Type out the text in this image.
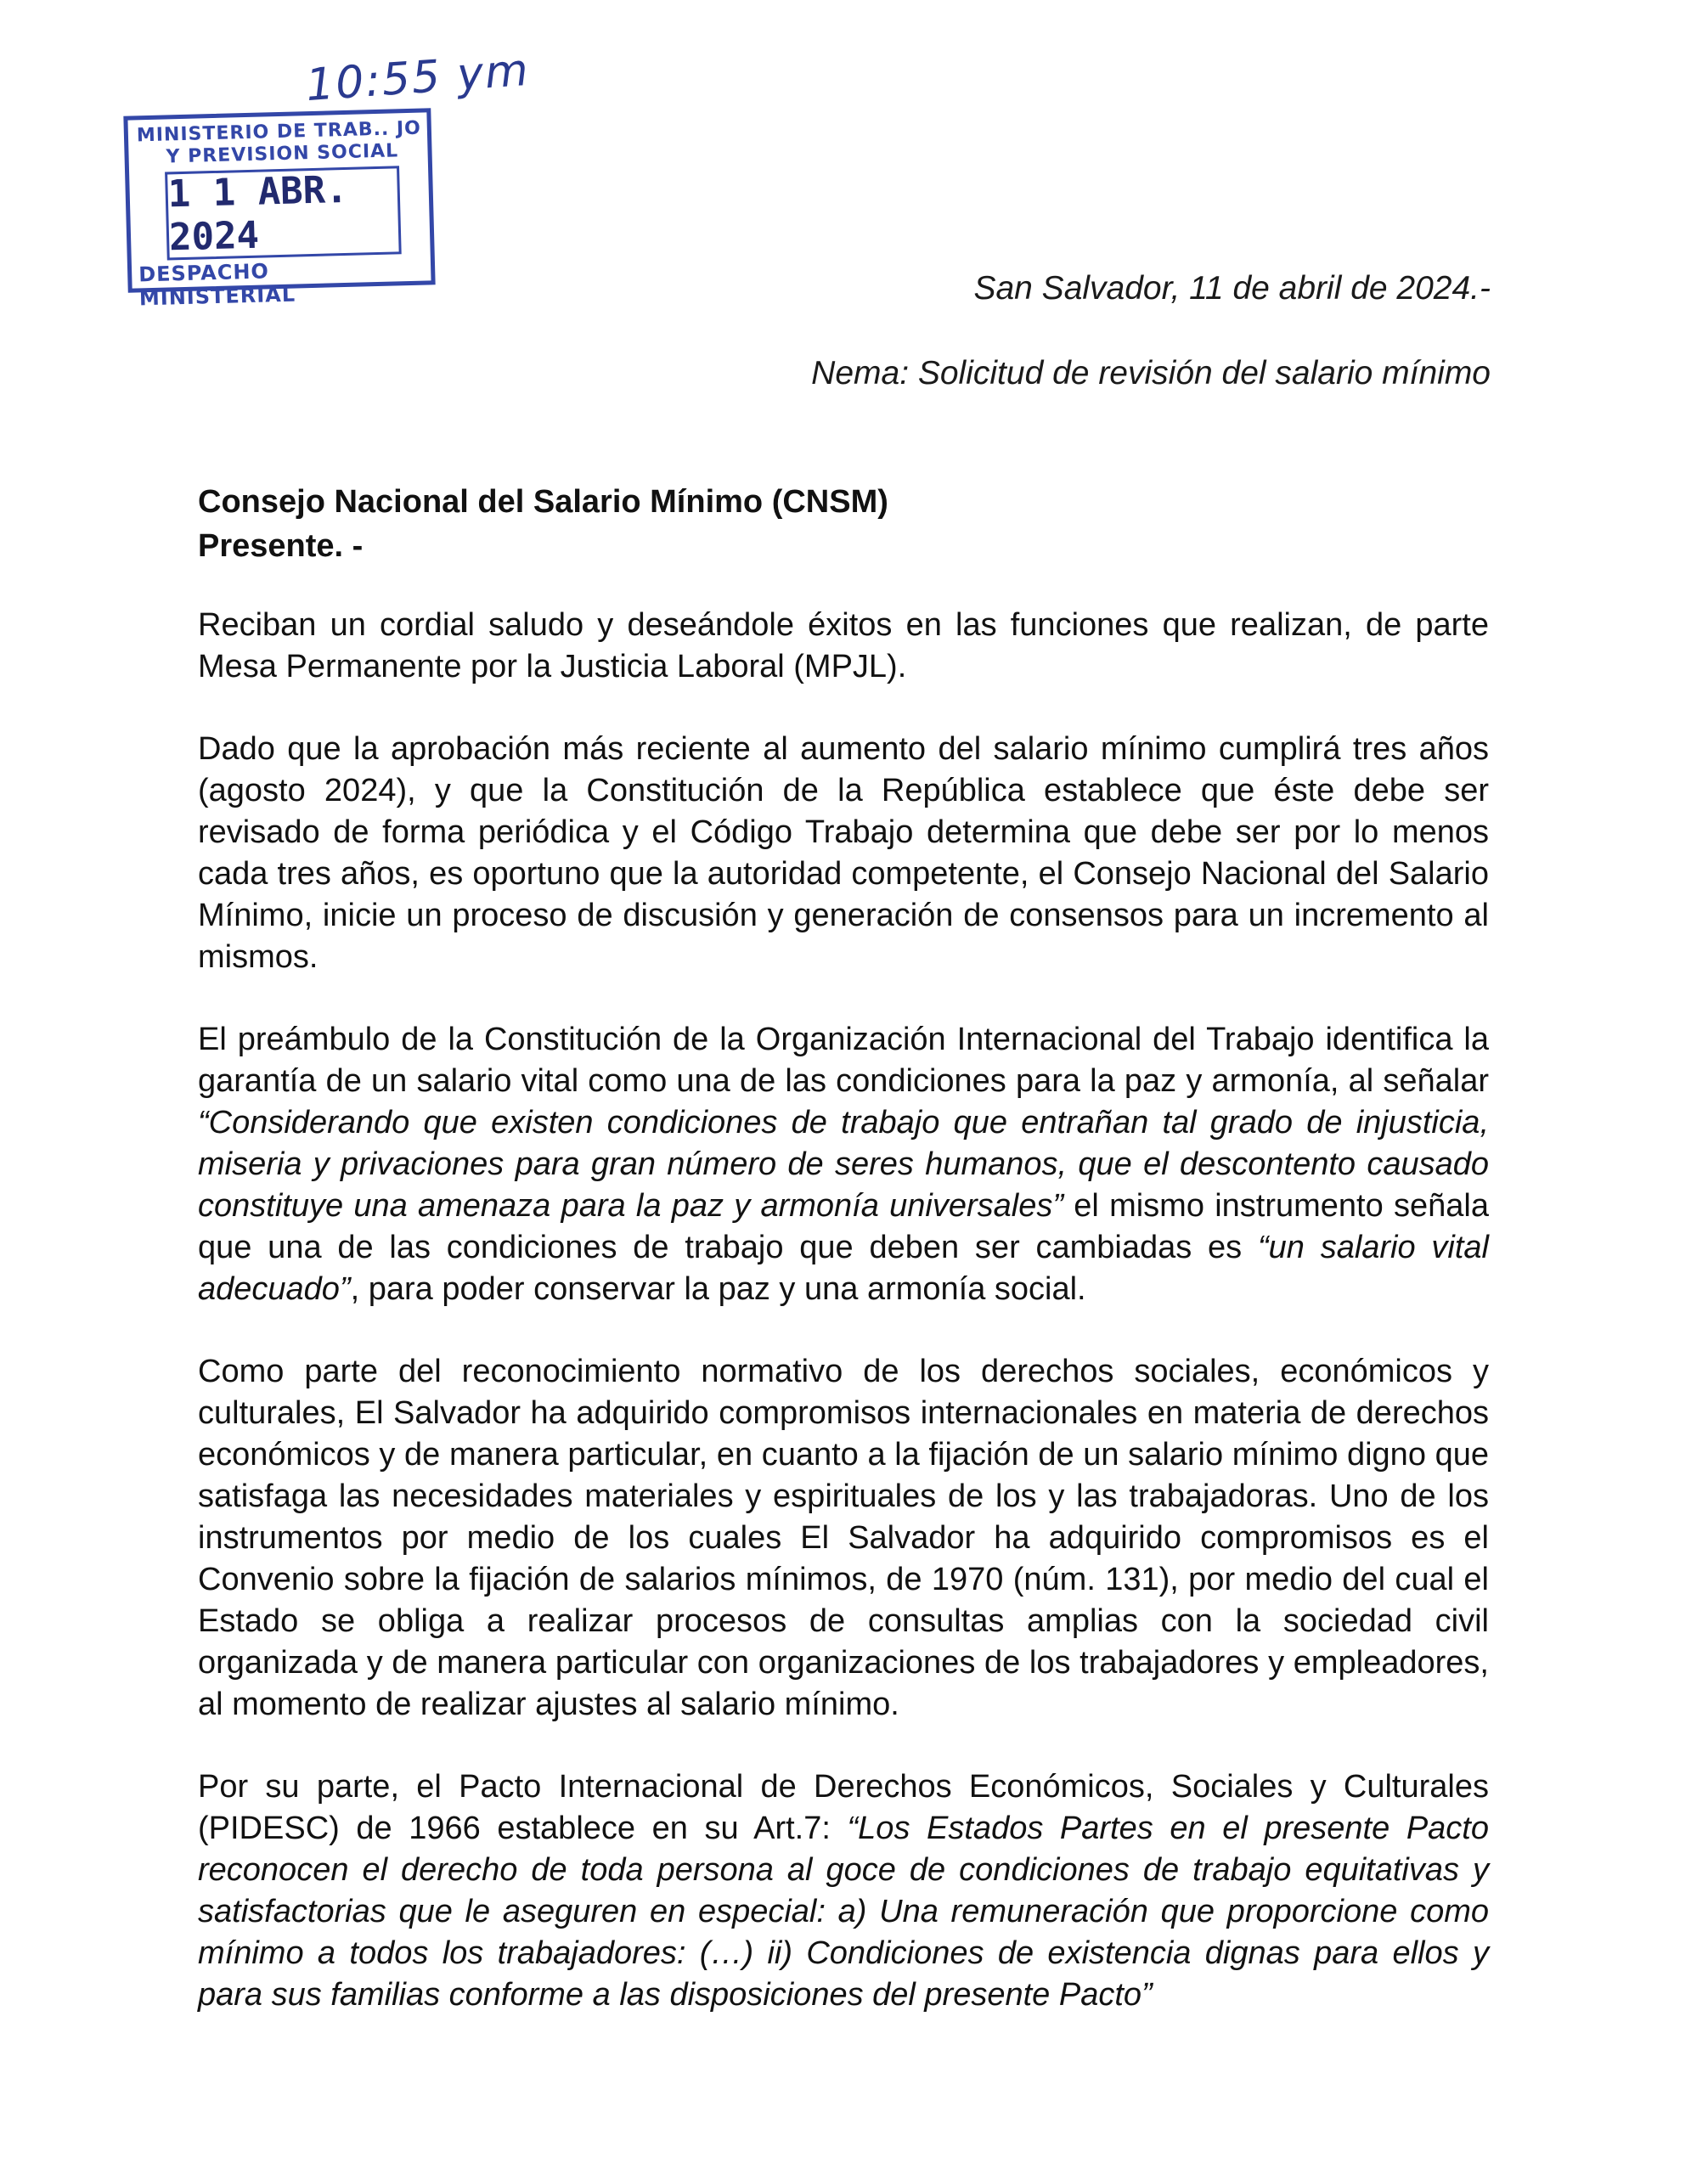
10:55 ym
MINISTERIO DE TRAB.. JO
Y PREVISION SOCIAL
1 1 ABR. 2024
DESPACHO MINISTERIAL	San Salvador, 11 de abril de 2024.-
Nema: Solicitud de revisión del salario mínimo
Consejo Nacional del Salario Mínimo (CNSM)
Presente. -

Reciban un cordial saludo y deseándole éxitos en las funciones que realizan, de parte Mesa Permanente por la Justicia Laboral (MPJL).

Dado que la aprobación más reciente al aumento del salario mínimo cumplirá tres años (agosto 2024), y que la Constitución de la República establece que éste debe ser revisado de forma periódica y el Código Trabajo determina que debe ser por lo menos cada tres años, es oportuno que la autoridad competente, el Consejo Nacional del Salario Mínimo, inicie un proceso de discusión y generación de consensos para un incremento al mismos.

El preámbulo de la Constitución de la Organización Internacional del Trabajo identifica la garantía de un salario vital como una de las condiciones para la paz y armonía, al señalar “Considerando que existen condiciones de trabajo que entrañan tal grado de injusticia, miseria y privaciones para gran número de seres humanos, que el descontento causado constituye una amenaza para la paz y armonía universales” el mismo instrumento señala que una de las condiciones de trabajo que deben ser cambiadas es “un salario vital adecuado”, para poder conservar la paz y una armonía social.

Como parte del reconocimiento normativo de los derechos sociales, económicos y culturales, El Salvador ha adquirido compromisos internacionales en materia de derechos económicos y de manera particular, en cuanto a la fijación de un salario mínimo digno que satisfaga las necesidades materiales y espirituales de los y las trabajadoras. Uno de los instrumentos por medio de los cuales El Salvador ha adquirido compromisos es el Convenio sobre la fijación de salarios mínimos, de 1970 (núm. 131), por medio del cual el Estado se obliga a realizar procesos de consultas amplias con la sociedad civil organizada y de manera particular con organizaciones de los trabajadores y empleadores, al momento de realizar ajustes al salario mínimo.

Por su parte, el Pacto Internacional de Derechos Económicos, Sociales y Culturales (PIDESC) de 1966 establece en su Art.7: “Los Estados Partes en el presente Pacto reconocen el derecho de toda persona al goce de condiciones de trabajo equitativas y satisfactorias que le aseguren en especial: a) Una remuneración que proporcione como mínimo a todos los trabajadores: (…) ii) Condiciones de existencia dignas para ellos y para sus familias conforme a las disposiciones del presente Pacto”
